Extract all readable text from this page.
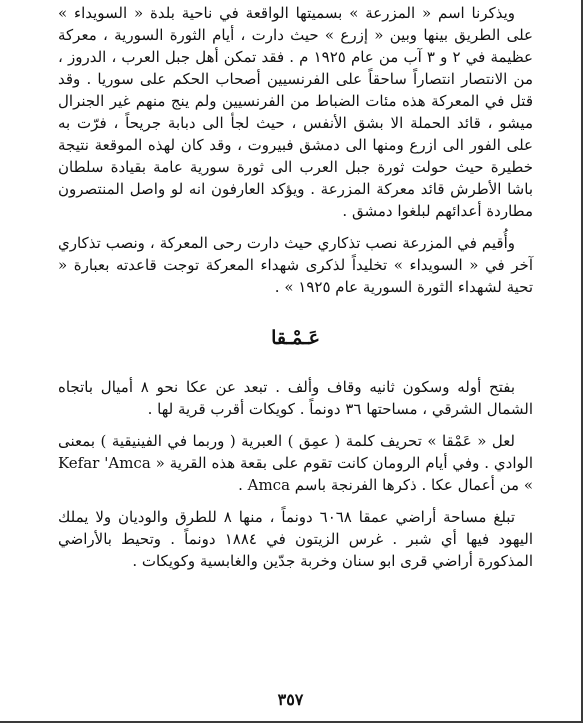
ويذكرنا اسم « المزرعة » بسميتها الواقعة في ناحية بلدة « السويداء » على الطريق بينها وبين « إزرع » حيث دارت ، أيام الثورة السورية ، معركة عظيمة في ٢ و ٣ آب من عام ١٩٢٥ م . فقد تمكن أهل جبل العرب ، الدروز ، من الانتصار انتصاراً ساحقاً على الفرنسيين أصحاب الحكم على سوريا . وقد قتل في المعركة هذه مئات الضباط من الفرنسيين ولم ينج منهم غير الجنرال ميشو ، قائد الحملة الا بشق الأنفس ، حيث لجأ الى دبابة جريحاً ، فرّت به على الفور الى ازرع ومنها الى دمشق فبيروت ، وقد كان لهذه الموقعة نتيجة خطيرة حيث حولت ثورة جبل العرب الى ثورة سورية عامة بقيادة سلطان باشا الأطرش قائد معركة المزرعة . ويؤكد العارفون انه لو واصل المنتصرون مطاردة أعدائهم لبلغوا دمشق .

وأُقيم في المزرعة نصب تذكاري حيث دارت رحى المعركة ، ونصب تذكاري آخر في « السويداء » تخليداً لذكرى شهداء المعركة توجت قاعدته بعبارة « تحية لشهداء الثورة السورية عام ١٩٢٥ » .

عَـمْـقا

بفتح أوله وسكون ثانيه وقاف وألف . تبعد عن عكا نحو ٨ أميال باتجاه الشمال الشرقي ، مساحتها ٣٦ دونماً . كويكات أقرب قرية لها .

لعل « عَمْقا » تحريف كلمة ( عمِق ) العبرية ( وربما في الفينيقية ) بمعنى الوادي . وفي أيام الرومان كانت تقوم على بقعة هذه القرية « Kefar 'Amca » من أعمال عكا . ذكرها الفرنجة باسم Amca .

تبلغ مساحة أراضي عمقا ٦٠٦٨ دونماً ، منها ٨ للطرق والوديان ولا يملك اليهود فيها أي شبر . غرس الزيتون في ١٨٨٤ دونماً . وتحيط بالأراضي المذكورة أراضي قرى ابو سنان وخربة جدّين والغابسية وكويكات .

٣٥٧
